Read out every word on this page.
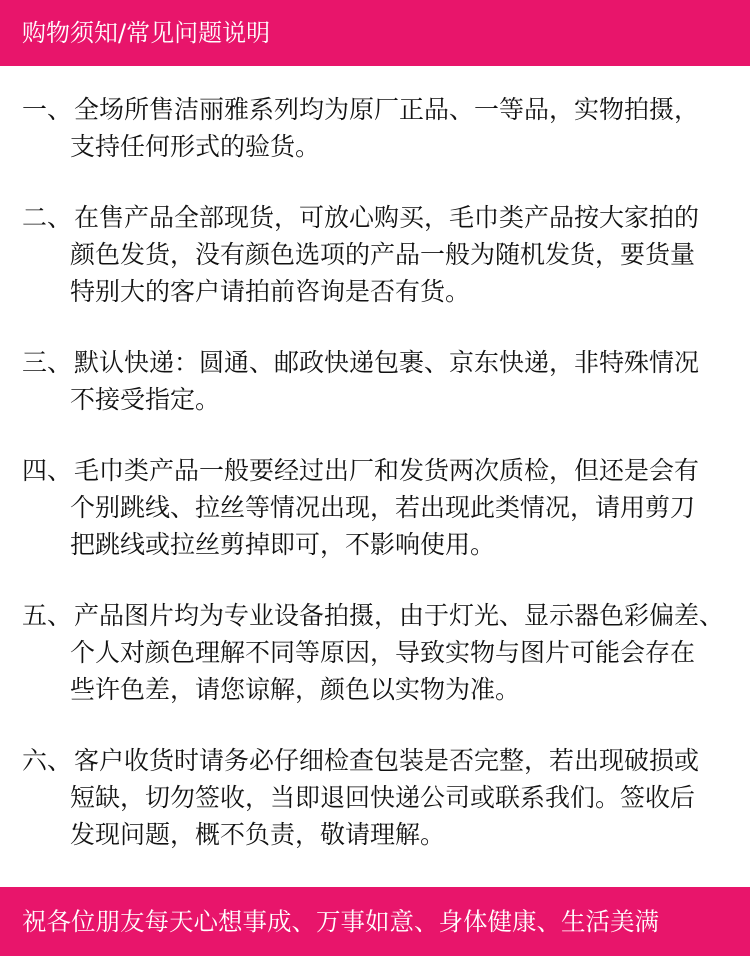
购物须知/常见问题说明
一、 全场所售洁丽雅系列均为原厂正品、一等品，实物拍摄，
支持任何形式的验货。
二、 在售产品全部现货，可放心购买，毛巾类产品按大家拍的
颜色发货，没有颜色选项的产品一般为随机发货，要货量
特别大的客户请拍前咨询是否有货。
三、 默认快递：圆通、邮政快递包裹、京东快递，非特殊情况
不接受指定。
四、 毛巾类产品一般要经过出厂和发货两次质检，但还是会有
个别跳线、拉丝等情况出现，若出现此类情况，请用剪刀
把跳线或拉丝剪掉即可，不影响使用。
五、 产品图片均为专业设备拍摄，由于灯光、显示器色彩偏差、
个人对颜色理解不同等原因，导致实物与图片可能会存在
些许色差，请您谅解，颜色以实物为准。
六、 客户收货时请务必仔细检查包装是否完整，若出现破损或
短缺，切勿签收，当即退回快递公司或联系我们。签收后
发现问题，概不负责，敬请理解。
祝各位朋友每天心想事成、万事如意、身体健康、生活美满
